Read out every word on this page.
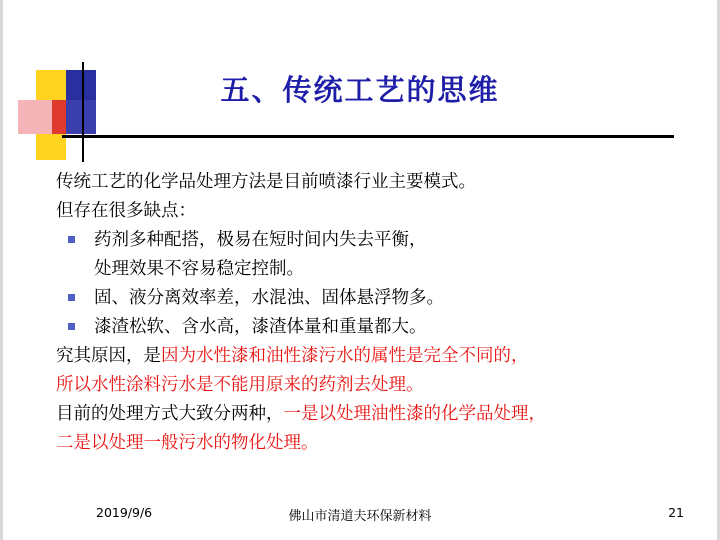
五、传统工艺的思维
传统工艺的化学品处理方法是目前喷漆行业主要模式。
但存在很多缺点：
药剂多种配搭，极易在短时间内失去平衡，
处理效果不容易稳定控制。
固、液分离效率差，水混浊、固体悬浮物多。
漆渣松软、含水高，漆渣体量和重量都大。
究其原因，是因为水性漆和油性漆污水的属性是完全不同的，
所以水性涂料污水是不能用原来的药剂去处理。
目前的处理方式大致分两种，一是以处理油性漆的化学品处理，
二是以处理一般污水的物化处理。
2019/9/6	佛山市清道夫环保新材料	21
